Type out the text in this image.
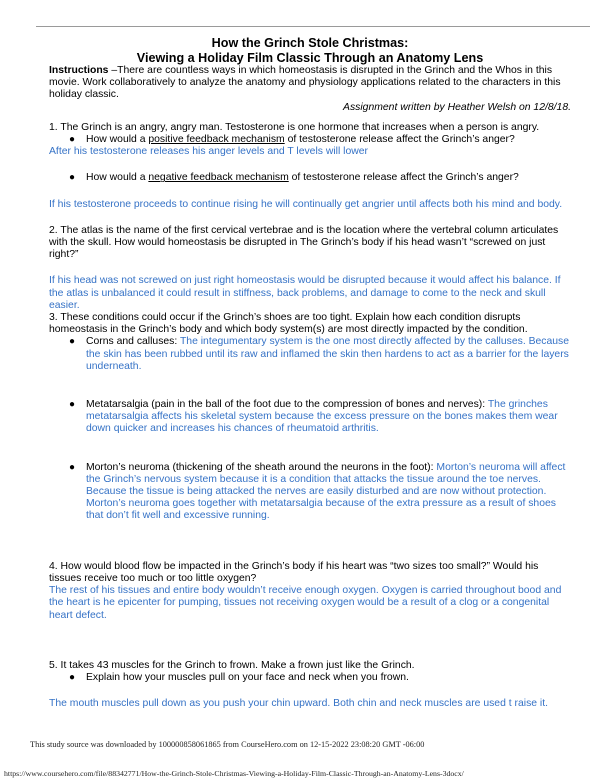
How the Grinch Stole Christmas:
Viewing a Holiday Film Classic Through an Anatomy Lens

Instructions –There are countless ways in which homeostasis is disrupted in the Grinch and the Whos in this movie. Work collaboratively to analyze the anatomy and physiology applications related to the characters in this holiday classic.

Assignment written by Heather Welsh on 12/8/18.

1. The Grinch is an angry, angry man. Testosterone is one hormone that increases when a person is angry.

● How would a positive feedback mechanism of testosterone release affect the Grinch’s anger?

After his testosterone releases his anger levels and T levels will lower

● How would a negative feedback mechanism of testosterone release affect the Grinch’s anger?

If his testosterone proceeds to continue rising he will continually get angrier until affects both his mind and body.

2. The atlas is the name of the first cervical vertebrae and is the location where the vertebral column articulates with the skull. How would homeostasis be disrupted in The Grinch’s body if his head wasn’t “screwed on just right?”

If his head was not screwed on just right homeostasis would be disrupted because it would affect his balance. If the atlas is unbalanced it could result in stiffness, back problems, and damage to come to the neck and skull easier.

3. These conditions could occur if the Grinch’s shoes are too tight. Explain how each condition disrupts homeostasis in the Grinch’s body and which body system(s) are most directly impacted by the condition.

● Corns and calluses: The integumentary system is the one most directly affected by the calluses. Because the skin has been rubbed until its raw and inflamed the skin then hardens to act as a barrier for the layers underneath.
● Metatarsalgia (pain in the ball of the foot due to the compression of bones and nerves): The grinches metatarsalgia affects his skeletal system because the excess pressure on the bones makes them wear down quicker and increases his chances of rheumatoid arthritis.
● Morton’s neuroma (thickening of the sheath around the neurons in the foot): Morton’s neuroma will affect the Grinch’s nervous system because it is a condition that attacks the tissue around the toe nerves. Because the tissue is being attacked the nerves are easily disturbed and are now without protection. Morton’s neuroma goes together with metatarsalgia because of the extra pressure as a result of shoes that don’t fit well and excessive running.

4. How would blood flow be impacted in the Grinch’s body if his heart was “two sizes too small?” Would his tissues receive too much or too little oxygen?

The rest of his tissues and entire body wouldn’t receive enough oxygen. Oxygen is carried throughout bood and the heart is he epicenter for pumping, tissues not receiving oxygen would be a result of a clog or a congenital heart defect.

5. It takes 43 muscles for the Grinch to frown. Make a frown just like the Grinch.

● Explain how your muscles pull on your face and neck when you frown.

The mouth muscles pull down as you push your chin upward. Both chin and neck muscles are used t raise it.

This study source was downloaded by 100000858061865 from CourseHero.com on 12-15-2022 23:08:20 GMT -06:00
https://www.coursehero.com/file/88342771/How-the-Grinch-Stole-Christmas-Viewing-a-Holiday-Film-Classic-Through-an-Anatomy-Lens-3docx/
